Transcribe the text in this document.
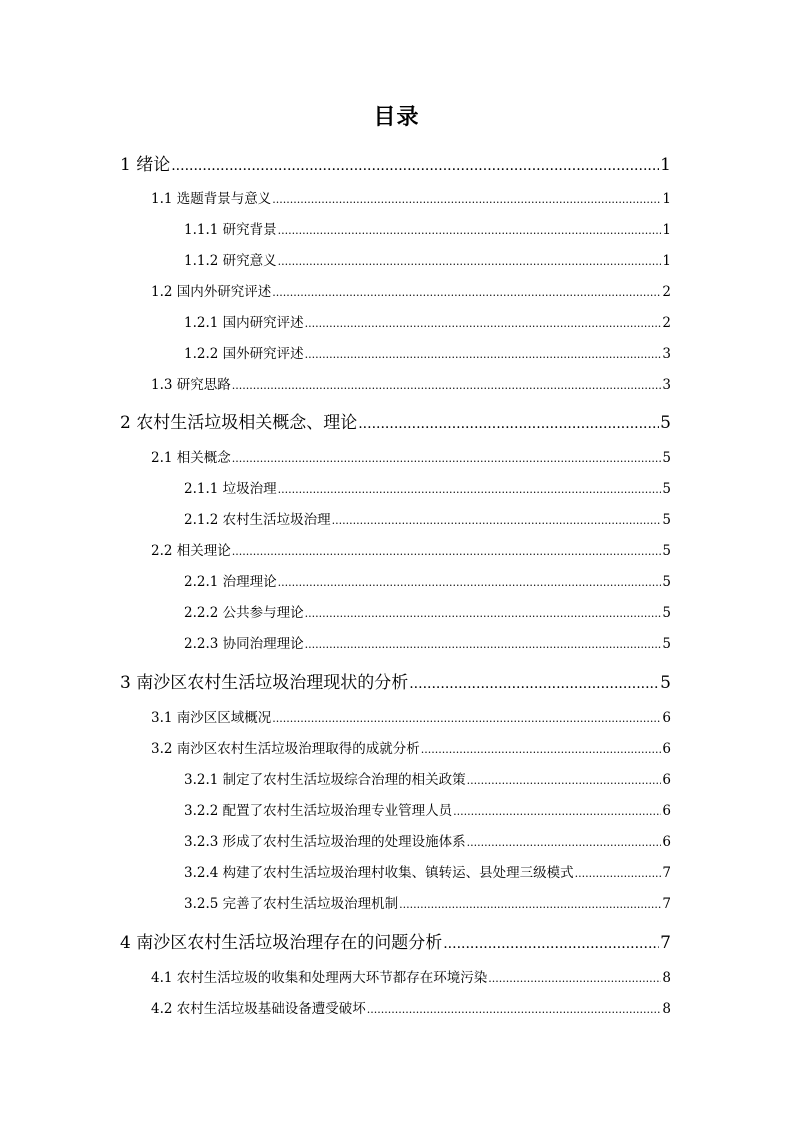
目录
1 绪论 .....	1
1.1 选题背景与意义 .....	1
1.1.1 研究背景 .....	1
1.1.2 研究意义 .....	1
1.2 国内外研究评述 .....	2
1.2.1 国内研究评述 .....	2
1.2.2 国外研究评述 .....	3
1.3 研究思路 .....	3
2 农村生活垃圾相关概念、理论 .....	5
2.1 相关概念 .....	5
2.1.1 垃圾治理 .....	5
2.1.2 农村生活垃圾治理 .....	5
2.2 相关理论 .....	5
2.2.1 治理理论 .....	5
2.2.2 公共参与理论 .....	5
2.2.3 协同治理理论 .....	5
3 南沙区农村生活垃圾治理现状的分析 .....	5
3.1 南沙区区域概况 .....	6
3.2 南沙区农村生活垃圾治理取得的成就分析 .....	6
3.2.1 制定了农村生活垃圾综合治理的相关政策 .....	6
3.2.2 配置了农村生活垃圾治理专业管理人员 .....	6
3.2.3 形成了农村生活垃圾治理的处理设施体系 .....	6
3.2.4 构建了农村生活垃圾治理村收集、镇转运、县处理三级模式 .....	7
3.2.5 完善了农村生活垃圾治理机制 .....	7
4 南沙区农村生活垃圾治理存在的问题分析 .....	7
4.1 农村生活垃圾的收集和处理两大环节都存在环境污染 .....	8
4.2 农村生活垃圾基础设备遭受破坏 .....	8
